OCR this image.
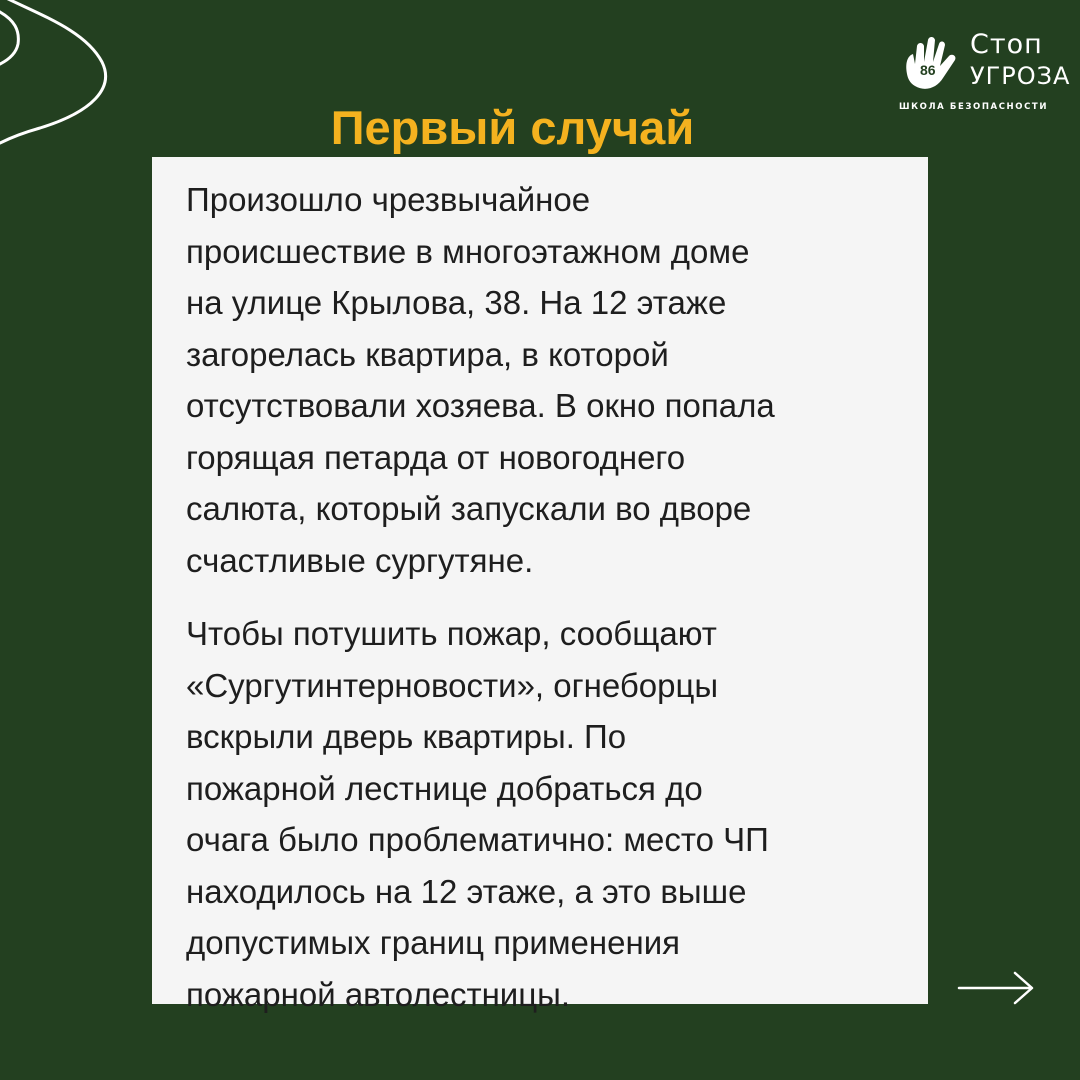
86
Стоп
УГРОЗА
ШКОЛА БЕЗОПАСНОСТИ
Первый случай

Произошло чрезвычайное
происшествие в многоэтажном доме
на улице Крылова, 38. На 12 этаже
загорелась квартира, в которой
отсутствовали хозяева. В окно попала
горящая петарда от новогоднего
салюта, который запускали во дворе
счастливые сургутяне.

Чтобы потушить пожар, сообщают
«Сургутинтерновости», огнеборцы
вскрыли дверь квартиры. По
пожарной лестнице добраться до
очага было проблематично: место ЧП
находилось на 12 этаже, а это выше
допустимых границ применения
пожарной автолестницы.
